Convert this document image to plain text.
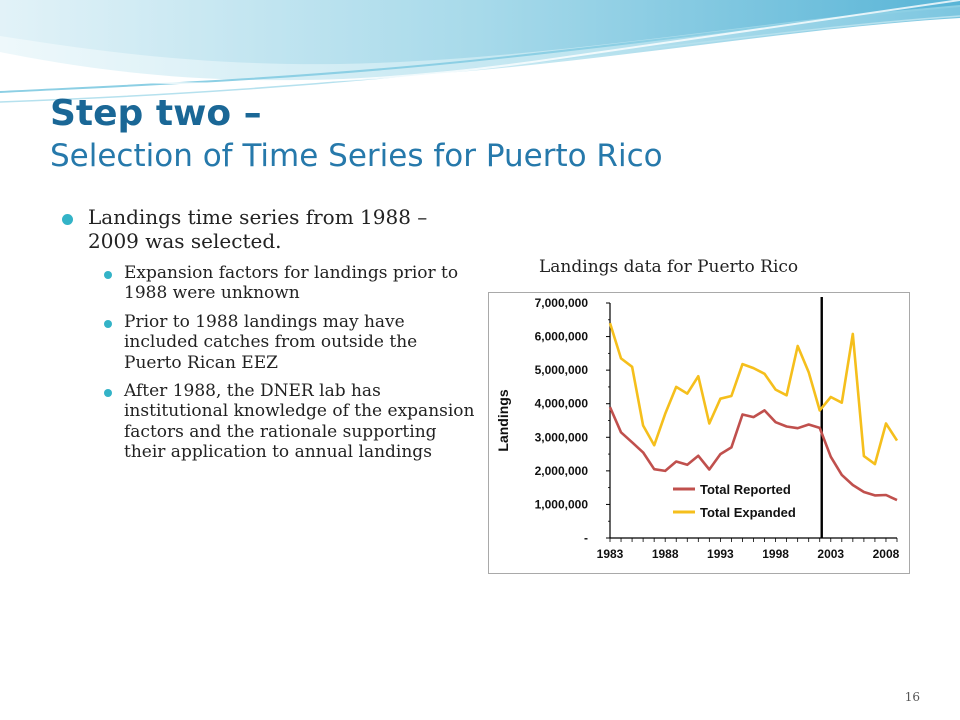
Step two –
Selection of Time Series for Puerto Rico

Landings time series from 1988 – 2009 was selected.

Expansion factors for landings prior to 1988 were unknown

Prior to 1988 landings may have included catches from outside the Puerto Rican EEZ

After 1988, the DNER lab has institutional knowledge of the expansion factors and the rationale supporting their application to annual landings

Landings data for Puerto Rico
-
1,000,000
2,000,000
3,000,000
4,000,000
5,000,000
6,000,000
7,000,000
1983 1988 1993 1998 2003 2008
Landings
Total Reported
Total Expanded
16
